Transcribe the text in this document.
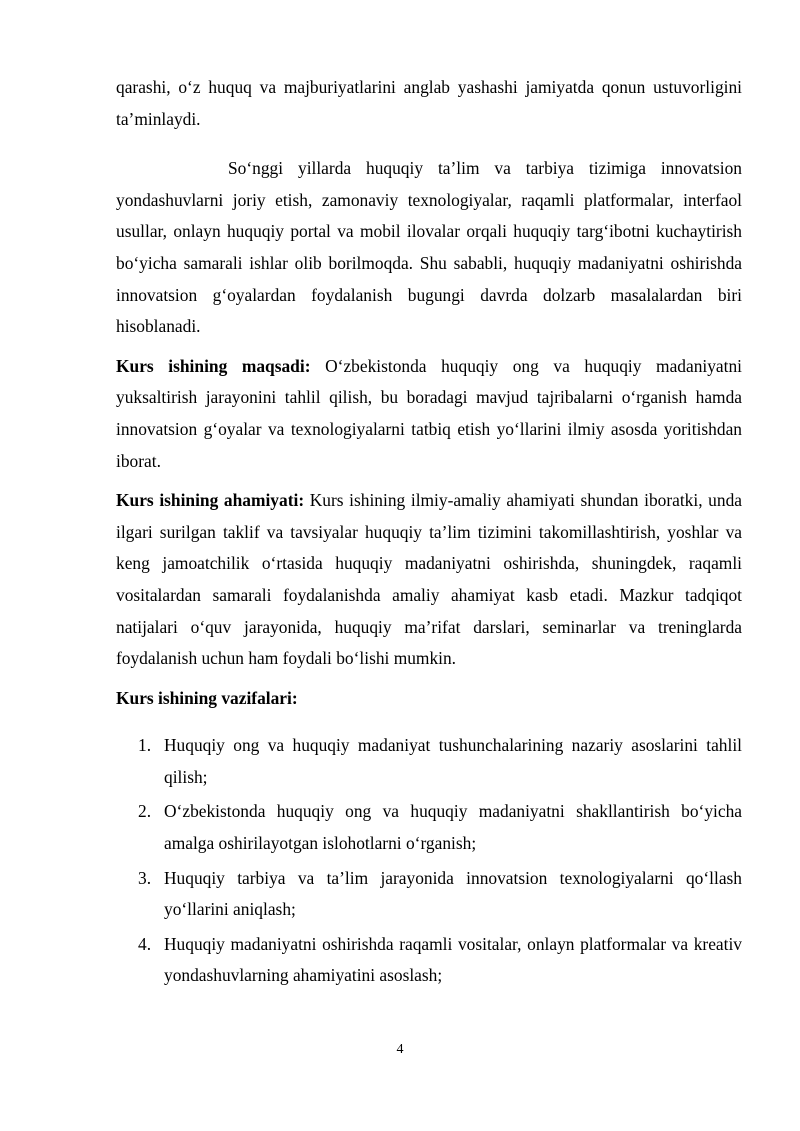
qarashi, o‘z huquq va majburiyatlarini anglab yashashi jamiyatda qonun ustuvorligini ta’minlaydi.

So‘nggi yillarda huquqiy ta’lim va tarbiya tizimiga innovatsion yondashuvlarni joriy etish, zamonaviy texnologiyalar, raqamli platformalar, interfaol usullar, onlayn huquqiy portal va mobil ilovalar orqali huquqiy targ‘ibotni kuchaytirish bo‘yicha samarali ishlar olib borilmoqda. Shu sababli, huquqiy madaniyatni oshirishda innovatsion g‘oyalardan foydalanish bugungi davrda dolzarb masalalardan biri hisoblanadi.

Kurs ishining maqsadi: O‘zbekistonda huquqiy ong va huquqiy madaniyatni yuksaltirish jarayonini tahlil qilish, bu boradagi mavjud tajribalarni o‘rganish hamda innovatsion g‘oyalar va texnologiyalarni tatbiq etish yo‘llarini ilmiy asosda yoritishdan iborat.

Kurs ishining ahamiyati: Kurs ishining ilmiy-amaliy ahamiyati shundan iboratki, unda ilgari surilgan taklif va tavsiyalar huquqiy ta’lim tizimini takomillashtirish, yoshlar va keng jamoatchilik o‘rtasida huquqiy madaniyatni oshirishda, shuningdek, raqamli vositalardan samarali foydalanishda amaliy ahamiyat kasb etadi. Mazkur tadqiqot natijalari o‘quv jarayonida, huquqiy ma’rifat darslari, seminarlar va treninglarda foydalanish uchun ham foydali bo‘lishi mumkin.

Kurs ishining vazifalari:

1. Huquqiy ong va huquqiy madaniyat tushunchalarining nazariy asoslarini tahlil qilish;
2. O‘zbekistonda huquqiy ong va huquqiy madaniyatni shakllantirish bo‘yicha amalga oshirilayotgan islohotlarni o‘rganish;
3. Huquqiy tarbiya va ta’lim jarayonida innovatsion texnologiyalarni qo‘llash yo‘llarini aniqlash;
4. Huquqiy madaniyatni oshirishda raqamli vositalar, onlayn platformalar va kreativ yondashuvlarning ahamiyatini asoslash;
4
